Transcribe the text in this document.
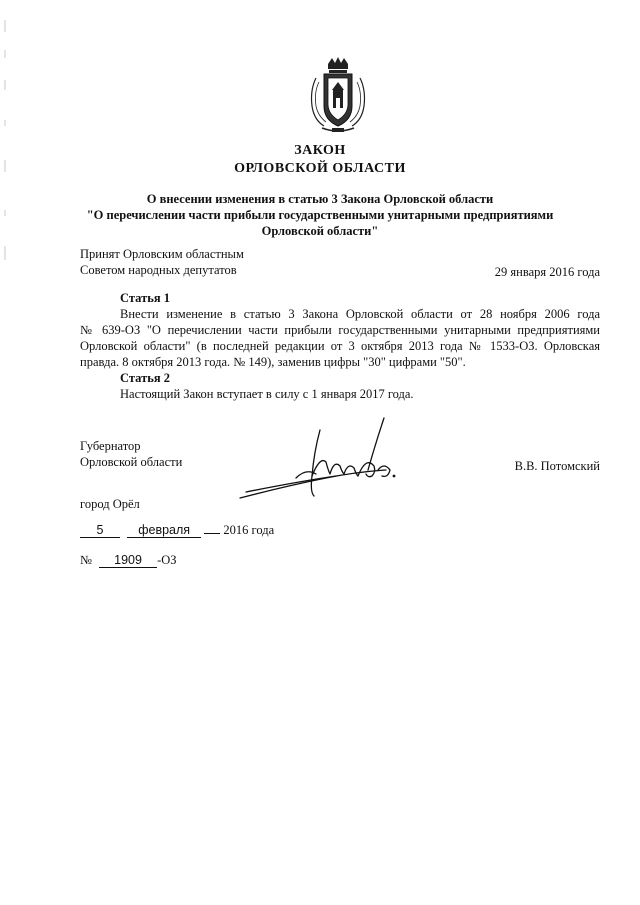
ЗАКОН
ОРЛОВСКОЙ ОБЛАСТИ
О внесении изменения в статью 3 Закона Орловской области
"О перечислении части прибыли государственными унитарными предприятиями
Орловской области"
Принят Орловским областным
Советом народных депутатов	29 января 2016 года
Статья 1
Внести изменение в статью 3 Закона Орловской области от 28 ноября 2006 года
№ 639-ОЗ "О перечислении части прибыли государственными унитарными предприятиями
Орловской области" (в последней редакции от 3 октября 2013 года № 1533-ОЗ. Орловская
правда. 8 октября 2013 года. № 149), заменив цифры "30" цифрами "50".
Статья 2
Настоящий Закон вступает в силу с 1 января 2017 года.
Губернатор
Орловской области	В.В. Потомский
город Орёл
5	февраля	2016 года
№ 1909 -ОЗ
